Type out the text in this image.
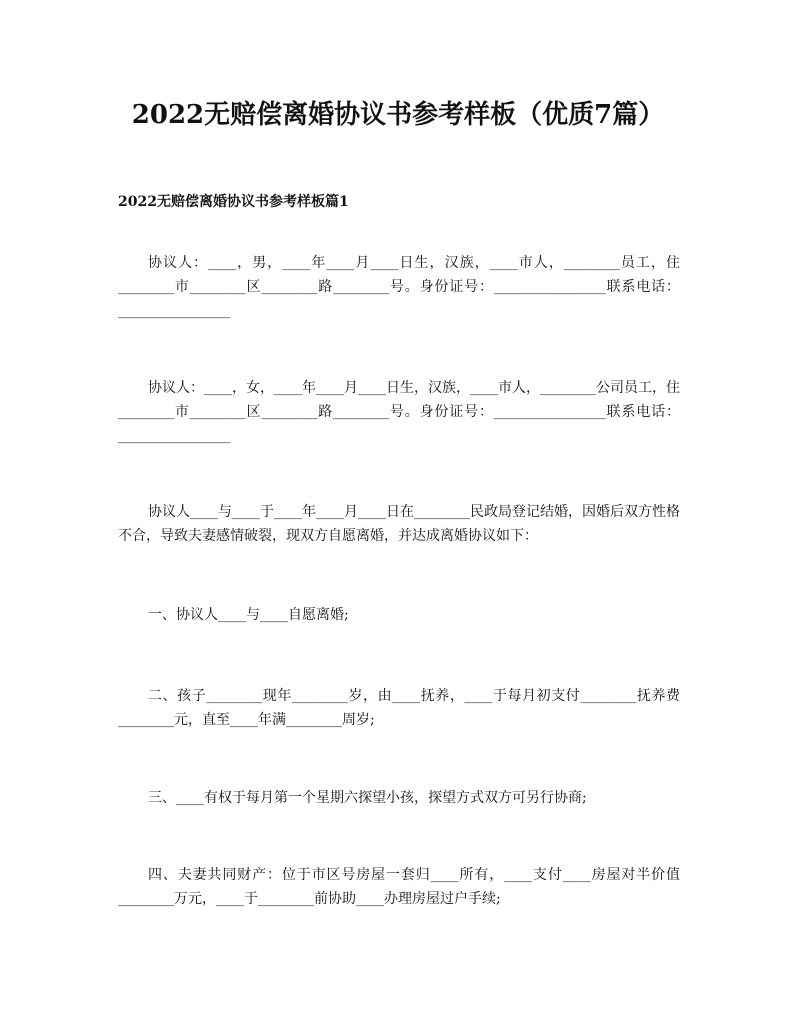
2022无赔偿离婚协议书参考样板（优质7篇）
2022无赔偿离婚协议书参考样板篇1

协议人：____，男，____年____月____日生，汉族，____市人，________员工，住________市________区________路________号。身份证号：________________联系电话：________________

协议人：____，女，____年____月____日生，汉族，____市人，________公司员工，住________市________区________路________号。身份证号：________________联系电话：________________

协议人____与____于____年____月____日在________民政局登记结婚，因婚后双方性格不合，导致夫妻感情破裂，现双方自愿离婚，并达成离婚协议如下：

一、协议人____与____自愿离婚;

二、孩子________现年________岁，由____抚养，____于每月初支付________抚养费________元，直至____年满________周岁;

三、____有权于每月第一个星期六探望小孩，探望方式双方可另行协商;

四、夫妻共同财产：位于市区号房屋一套归____所有，____支付____房屋对半价值________万元，____于________前协助____办理房屋过户手续;
